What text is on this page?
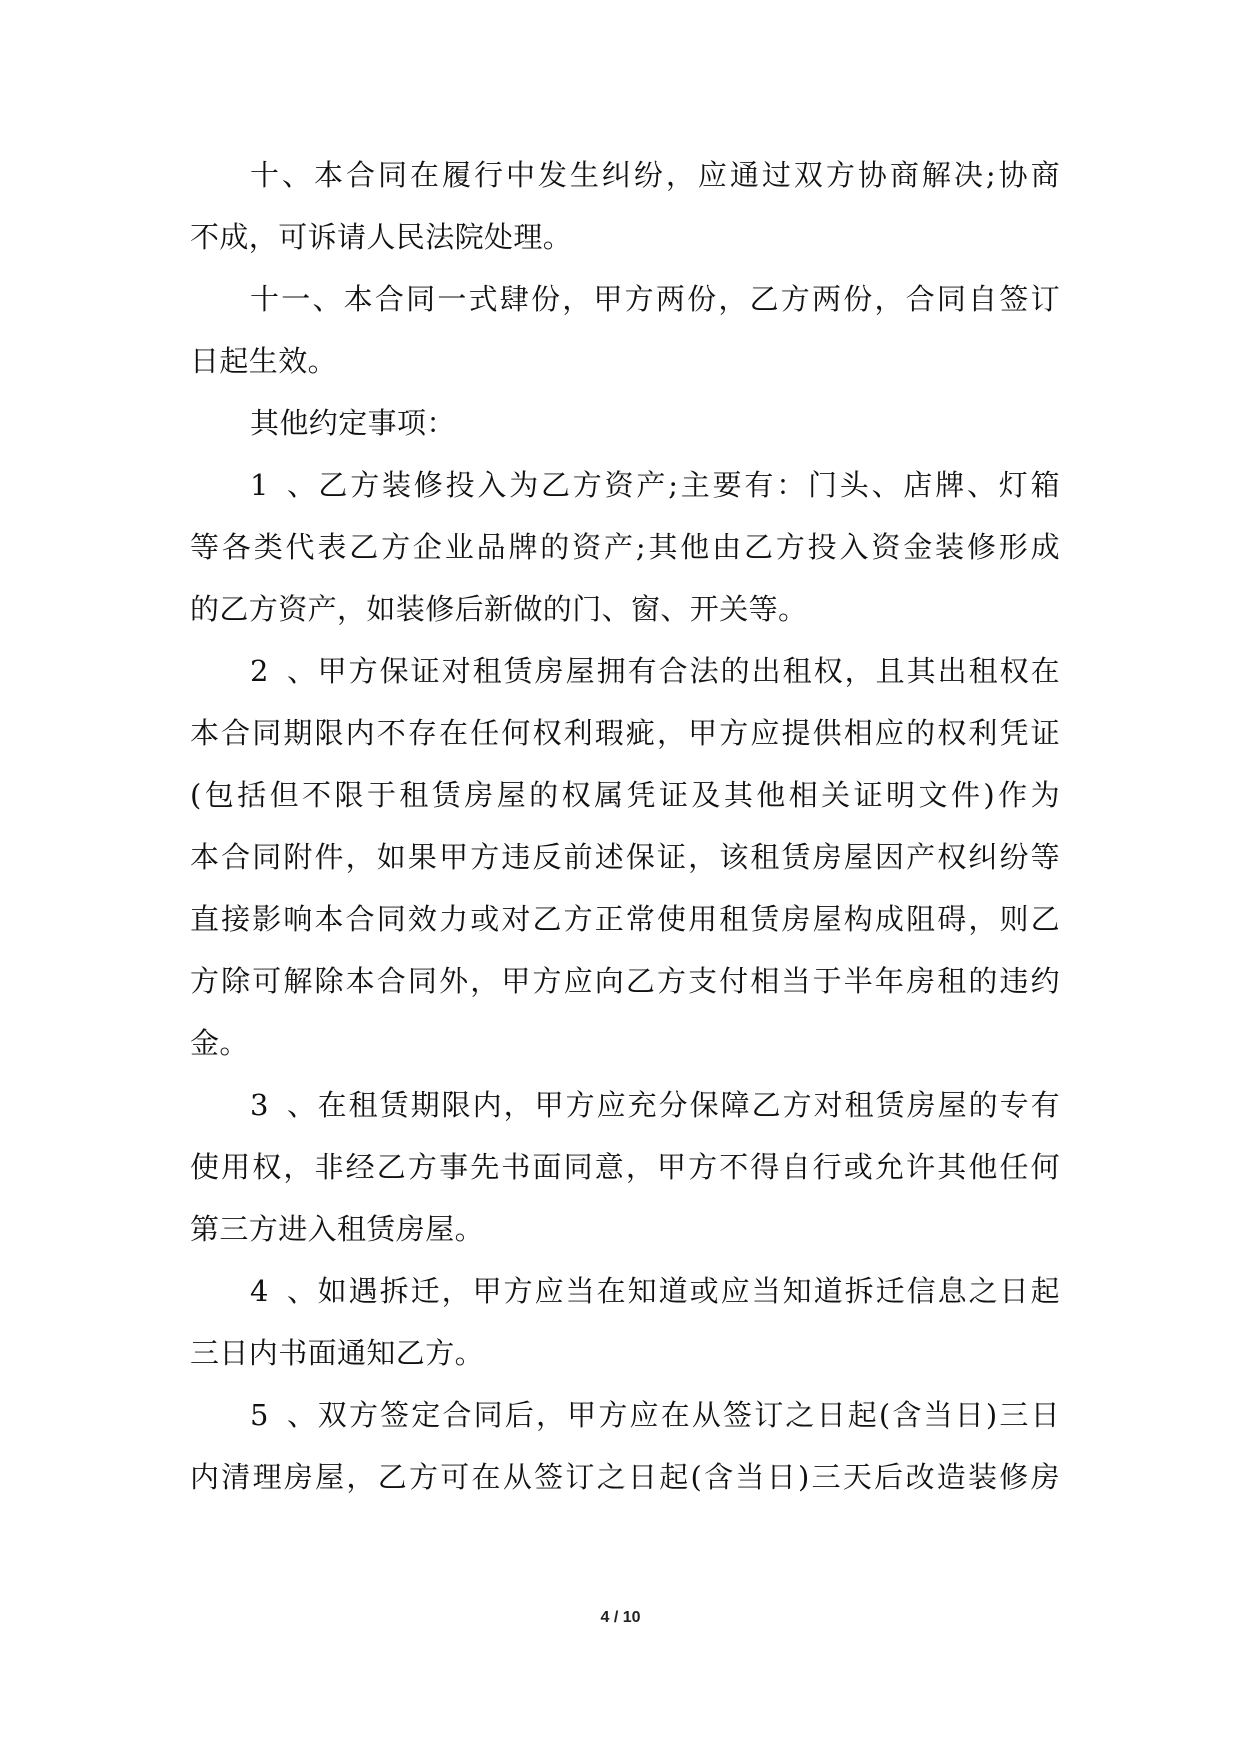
十、本合同在履行中发生纠纷，应通过双方协商解决;协商
不成，可诉请人民法院处理。
十一、本合同一式肆份，甲方两份，乙方两份，合同自签订
日起生效。
其他约定事项：
1、乙方装修投入为乙方资产;主要有：门头、店牌、灯箱
等各类代表乙方企业品牌的资产;其他由乙方投入资金装修形成
的乙方资产，如装修后新做的门、窗、开关等。
2、甲方保证对租赁房屋拥有合法的出租权，且其出租权在
本合同期限内不存在任何权利瑕疵，甲方应提供相应的权利凭证
(包括但不限于租赁房屋的权属凭证及其他相关证明文件)作为
本合同附件，如果甲方违反前述保证，该租赁房屋因产权纠纷等
直接影响本合同效力或对乙方正常使用租赁房屋构成阻碍，则乙
方除可解除本合同外，甲方应向乙方支付相当于半年房租的违约
金。
3、在租赁期限内，甲方应充分保障乙方对租赁房屋的专有
使用权，非经乙方事先书面同意，甲方不得自行或允许其他任何
第三方进入租赁房屋。
4、如遇拆迁，甲方应当在知道或应当知道拆迁信息之日起
三日内书面通知乙方。
5、双方签定合同后，甲方应在从签订之日起(含当日)三日
内清理房屋，乙方可在从签订之日起(含当日)三天后改造装修房
4 / 10
